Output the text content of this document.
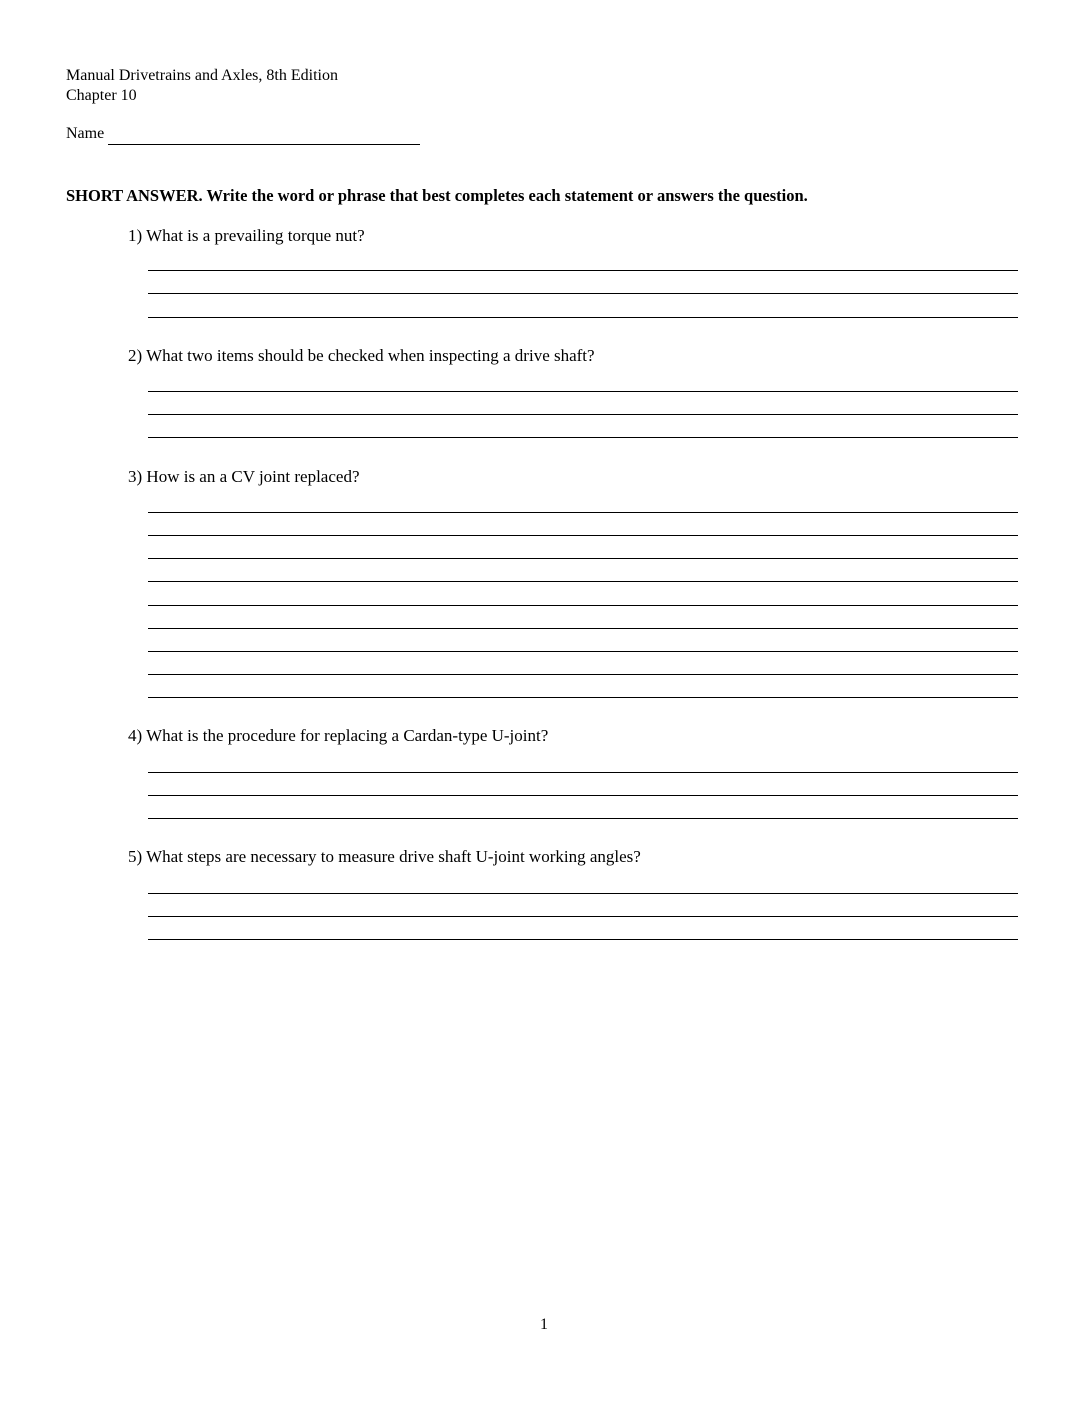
Manual Drivetrains and Axles, 8th Edition
Chapter 10
Name
SHORT ANSWER. Write the word or phrase that best completes each statement or answers the question.
1) What is a prevailing torque nut?
2) What two items should be checked when inspecting a drive shaft?
3) How is an a CV joint replaced?
4) What is the procedure for replacing a Cardan-type U-joint?
5) What steps are necessary to measure drive shaft U-joint working angles?
1
